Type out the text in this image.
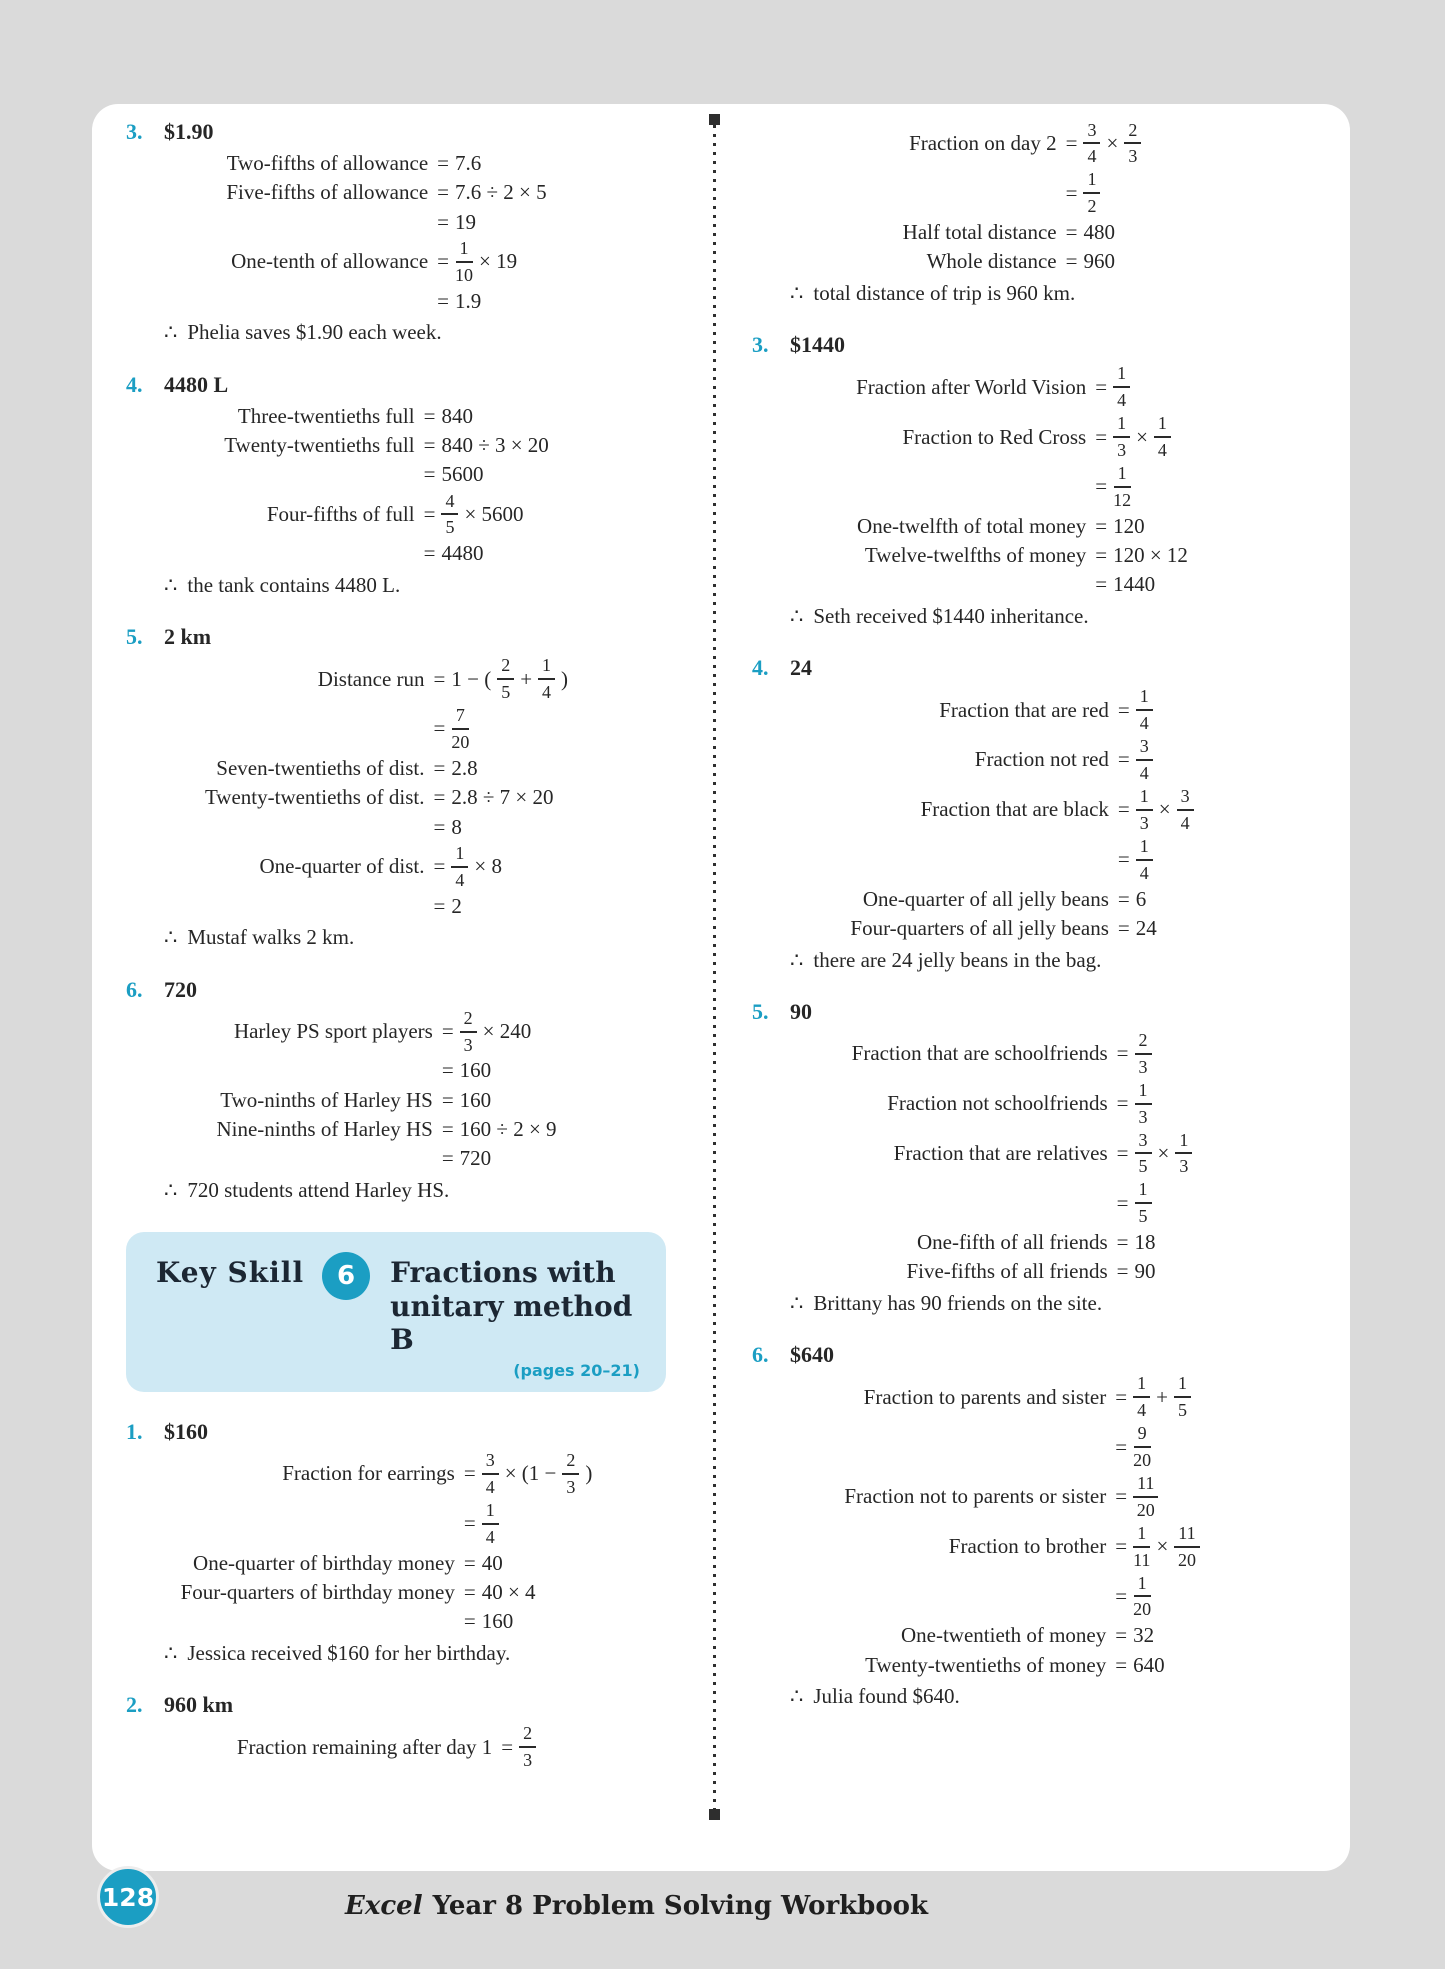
3. $1.90
Two-fifths of allowance = 7.6
Five-fifths of allowance = 7.6 ÷ 2 × 5
= 19
One-tenth of allowance = $\frac{1}{10} \times 19$
= 1.9
∴ Phelia saves $1.90 each week.
4. 4480 L
Three-twentieths full = 840
Twenty-twentieths full = 840 ÷ 3 × 20
= 5600
Four-fifths of full = $\frac{4}{5} \times 5600$
= 4480
∴ the tank contains 4480 L.
5. 2 km
Distance run = 1 − ( $\frac{2}{5} + \frac{1}{4}$ )
= $\frac{7}{20}$
Seven-twentieths of dist. = 2.8
Twenty-twentieths of dist. = 2.8 ÷ 7 × 20
= 8
One-quarter of dist. = $\frac{1}{4} \times 8$
= 2
∴ Mustaf walks 2 km.
6. 720
Harley PS sport players = $\frac{2}{3} \times 240$
= 160
Two-ninths of Harley HS = 160
Nine-ninths of Harley HS = 160 ÷ 2 × 9
= 720
∴ 720 students attend Harley HS.
Key Skill 6 Fractions with
unitary method B
(pages 20–21)
1. $160
Fraction for earrings = $\frac{3}{4} \times (1 - \frac{2}{3}$ )
= $\frac{1}{4}$
One-quarter of birthday money = 40
Four-quarters of birthday money = 40 × 4
= 160
∴ Jessica received $160 for her birthday.
2. 960 km
Fraction remaining after day $1 = \frac{2}{3}$
Fraction on day $2 = \frac{3}{4} \times \frac{2}{3}$
= $\frac{1}{2}$
Half total distance = 480
Whole distance = 960
∴ total distance of trip is 960 km.
3. $1440
Fraction after World Vision = $\frac{1}{4}$
Fraction to Red Cross = $\frac{1}{3} \times \frac{1}{4}$
= $\frac{1}{12}$
One-twelfth of total money = 120
Twelve-twelfths of money = 120 × 12
= 1440
∴ Seth received $1440 inheritance.
4. 24
Fraction that are red = $\frac{1}{4}$
Fraction not red = $\frac{3}{4}$
Fraction that are black = $\frac{1}{3} \times \frac{3}{4}$
= $\frac{1}{4}$
One-quarter of all jelly beans = 6
Four-quarters of all jelly beans = 24
∴ there are 24 jelly beans in the bag.
5. 90
Fraction that are schoolfriends = $\frac{2}{3}$
Fraction not schoolfriends = $\frac{1}{3}$
Fraction that are relatives = $\frac{3}{5} \times \frac{1}{3}$
= $\frac{1}{5}$
One-fifth of all friends = 18
Five-fifths of all friends = 90
∴ Brittany has 90 friends on the site.
6. $640
Fraction to parents and sister = $\frac{1}{4} + \frac{1}{5}$
= $\frac{9}{20}$
Fraction not to parents or sister = $\frac{11}{20}$
Fraction to brother = $\frac{1}{11} \times \frac{11}{20}$
= $\frac{1}{20}$
One-twentieth of money = 32
Twenty-twentieths of money = 640
∴ Julia found $640.
128	Excel Year 8 Problem Solving Workbook
